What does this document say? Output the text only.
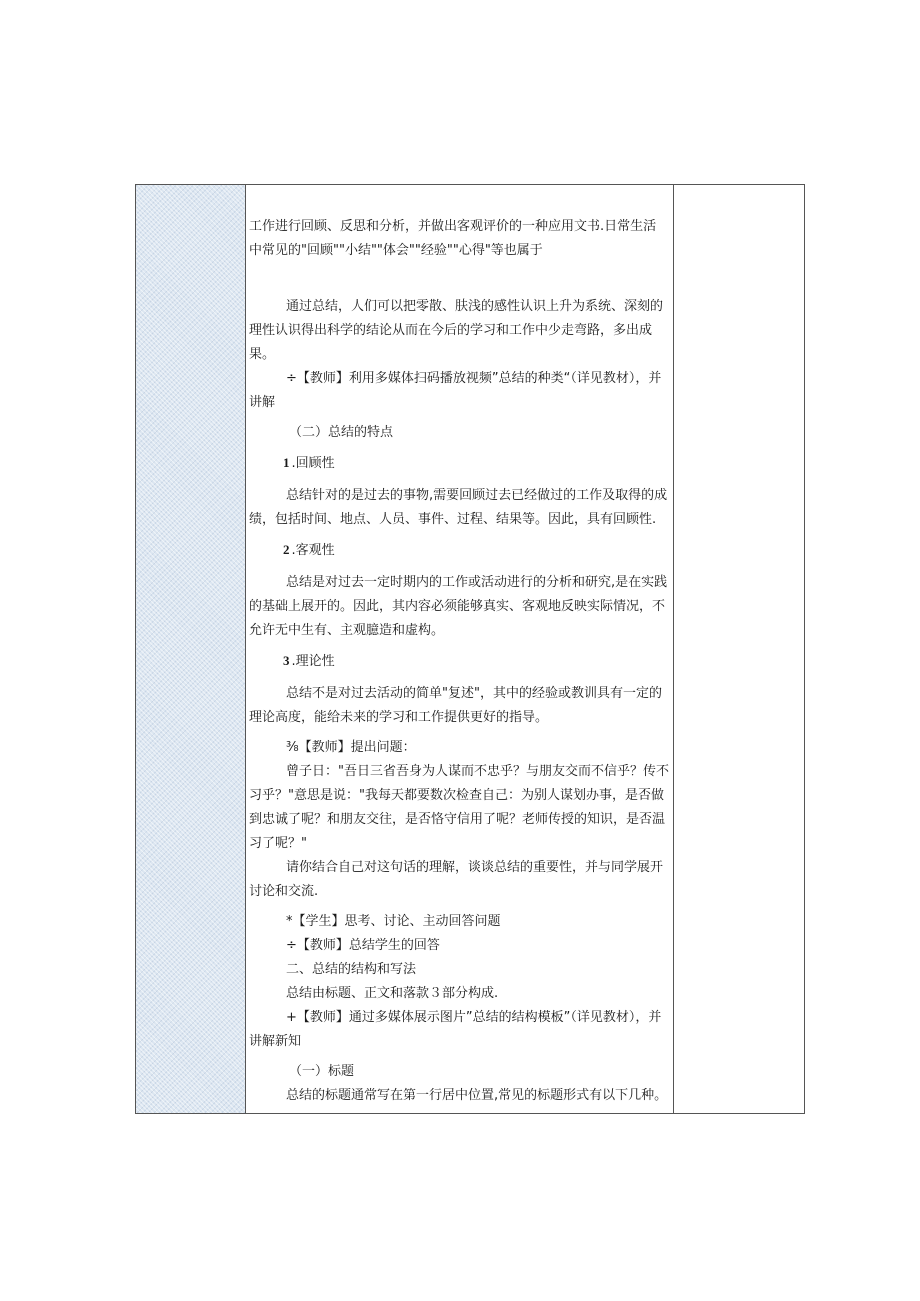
工作进行回顾、反思和分析，并做出客观评价的一种应用文书.日常生活中常见的"回顾""小结""体会""经验""心得"等也属于

通过总结，人们可以把零散、肤浅的感性认识上升为系统、深刻的理性认识得出科学的结论从而在今后的学习和工作中少走弯路，多出成果。

÷【教师】利用多媒体扫码播放视频”总结的种类“（详见教材），并讲解

（二）总结的特点

1 .回顾性

总结针对的是过去的事物,需要回顾过去已经做过的工作及取得的成绩，包括时间、地点、人员、事件、过程、结果等。因此，具有回顾性.

2 .客观性

总结是对过去一定时期内的工作或活动进行的分析和研究,是在实践的基础上展开的。因此，其内容必须能够真实、客观地反映实际情况，不允许无中生有、主观臆造和虚构。

3 .理论性

总结不是对过去活动的简单"复述"，其中的经验或教训具有一定的理论高度，能给未来的学习和工作提供更好的指导。

⅜【教师】提出问题：

曾子日："吾日三省吾身为人谋而不忠乎？与朋友交而不信乎？传不习乎？"意思是说："我每天都要数次检查自己：为别人谋划办事，是否做到忠诚了呢？和朋友交往，是否恪守信用了呢？老师传授的知识，是否温习了呢？"

请你结合自己对这句话的理解，谈谈总结的重要性，并与同学展开讨论和交流.

*【学生】思考、讨论、主动回答问题

÷【教师】总结学生的回答

二、总结的结构和写法

总结由标题、正文和落款３部分构成.

+【教师】通过多媒体展示图片”总结的结构模板”（详见教材），并讲解新知

（一）标题

总结的标题通常写在第一行居中位置,常见的标题形式有以下几种。
